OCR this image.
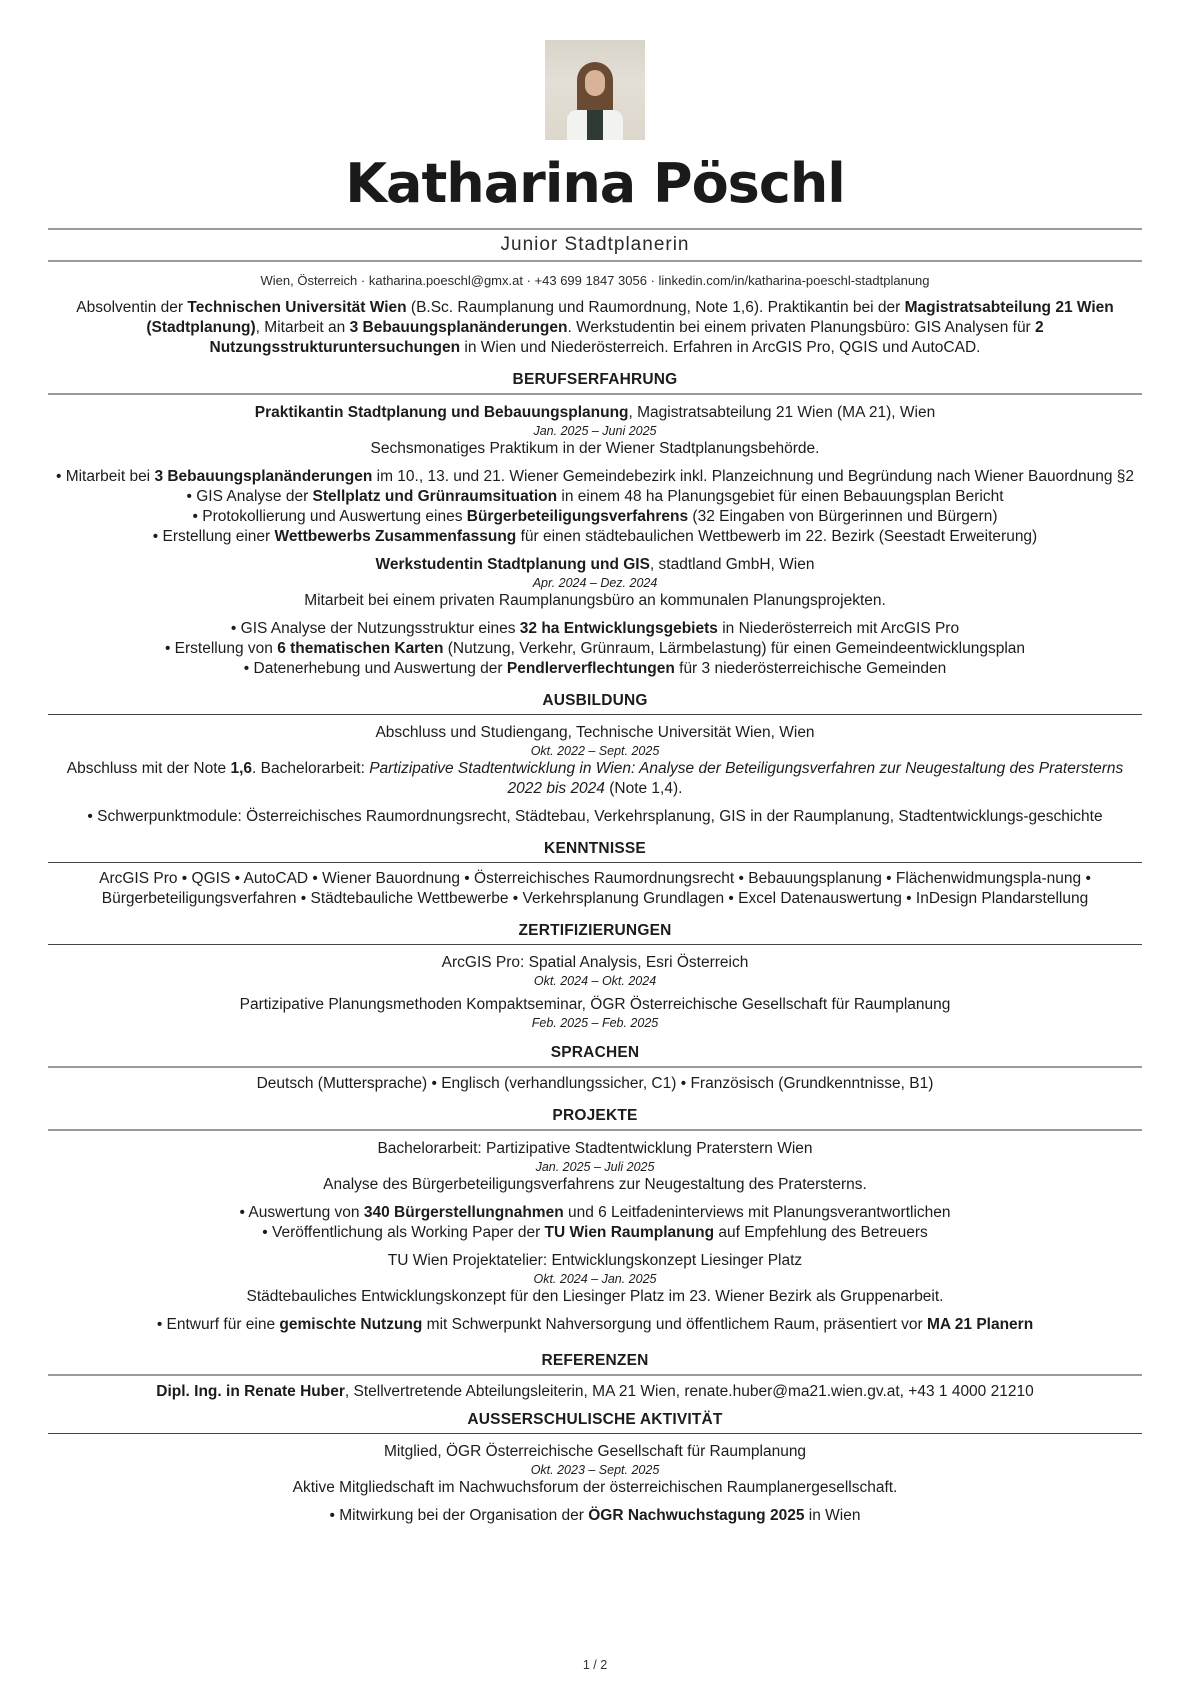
Katharina Pöschl
Junior Stadtplanerin
Wien, Österreich · katharina.poeschl@gmx.at · +43 699 1847 3056 · linkedin.com/in/katharina-poeschl-stadtplanung
Absolventin der Technischen Universität Wien (B.Sc. Raumplanung und Raumordnung, Note 1,6). Praktikantin bei der Magistratsabteilung 21 Wien (Stadtplanung), Mitarbeit an 3 Bebauungsplanänderungen. Werkstudentin bei einem privaten Planungsbüro: GIS Analysen für 2 Nutzungsstrukturuntersuchungen in Wien und Niederösterreich. Erfahren in ArcGIS Pro, QGIS und AutoCAD.
BERUFSERFAHRUNG
Praktikantin Stadtplanung und Bebauungsplanung, Magistratsabteilung 21 Wien (MA 21), Wien
Jan. 2025 – Juni 2025
Sechsmonatiges Praktikum in der Wiener Stadtplanungsbehörde.
• Mitarbeit bei 3 Bebauungsplanänderungen im 10., 13. und 21. Wiener Gemeindebezirk inkl. Planzeichnung und Begründung nach Wiener Bauordnung §2
• GIS Analyse der Stellplatz und Grünraumsituation in einem 48 ha Planungsgebiet für einen Bebauungsplan Bericht
• Protokollierung und Auswertung eines Bürgerbeteiligungsverfahrens (32 Eingaben von Bürgerinnen und Bürgern)
• Erstellung einer Wettbewerbs Zusammenfassung für einen städtebaulichen Wettbewerb im 22. Bezirk (Seestadt Erweiterung)
Werkstudentin Stadtplanung und GIS, stadtland GmbH, Wien
Apr. 2024 – Dez. 2024
Mitarbeit bei einem privaten Raumplanungsbüro an kommunalen Planungsprojekten.
• GIS Analyse der Nutzungsstruktur eines 32 ha Entwicklungsgebiets in Niederösterreich mit ArcGIS Pro
• Erstellung von 6 thematischen Karten (Nutzung, Verkehr, Grünraum, Lärmbelastung) für einen Gemeindeentwicklungsplan
• Datenerhebung und Auswertung der Pendlerverflechtungen für 3 niederösterreichische Gemeinden
AUSBILDUNG
Abschluss und Studiengang, Technische Universität Wien, Wien
Okt. 2022 – Sept. 2025
Abschluss mit der Note 1,6. Bachelorarbeit: Partizipative Stadtentwicklung in Wien: Analyse der Beteiligungsverfahren zur Neugestaltung des Pratersterns 2022 bis 2024 (Note 1,4).
• Schwerpunktmodule: Österreichisches Raumordnungsrecht, Städtebau, Verkehrsplanung, GIS in der Raumplanung, Stadtentwicklungs-geschichte
KENNTNISSE
ArcGIS Pro • QGIS • AutoCAD • Wiener Bauordnung • Österreichisches Raumordnungsrecht • Bebauungsplanung • Flächenwidmungspla-nung • Bürgerbeteiligungsverfahren • Städtebauliche Wettbewerbe • Verkehrsplanung Grundlagen • Excel Datenauswertung • InDesign Plandarstellung
ZERTIFIZIERUNGEN
ArcGIS Pro: Spatial Analysis, Esri Österreich
Okt. 2024 – Okt. 2024
Partizipative Planungsmethoden Kompaktseminar, ÖGR Österreichische Gesellschaft für Raumplanung
Feb. 2025 – Feb. 2025
SPRACHEN
Deutsch (Muttersprache) • Englisch (verhandlungssicher, C1) • Französisch (Grundkenntnisse, B1)
PROJEKTE
Bachelorarbeit: Partizipative Stadtentwicklung Praterstern Wien
Jan. 2025 – Juli 2025
Analyse des Bürgerbeteiligungsverfahrens zur Neugestaltung des Pratersterns.
• Auswertung von 340 Bürgerstellungnahmen und 6 Leitfadeninterviews mit Planungsverantwortlichen
• Veröffentlichung als Working Paper der TU Wien Raumplanung auf Empfehlung des Betreuers
TU Wien Projektatelier: Entwicklungskonzept Liesinger Platz
Okt. 2024 – Jan. 2025
Städtebauliches Entwicklungskonzept für den Liesinger Platz im 23. Wiener Bezirk als Gruppenarbeit.
• Entwurf für eine gemischte Nutzung mit Schwerpunkt Nahversorgung und öffentlichem Raum, präsentiert vor MA 21 Planern
REFERENZEN
Dipl. Ing. in Renate Huber, Stellvertretende Abteilungsleiterin, MA 21 Wien, renate.huber@ma21.wien.gv.at, +43 1 4000 21210
AUSSERSCHULISCHE AKTIVITÄT
Mitglied, ÖGR Österreichische Gesellschaft für Raumplanung
Okt. 2023 – Sept. 2025
Aktive Mitgliedschaft im Nachwuchsforum der österreichischen Raumplanergesellschaft.
• Mitwirkung bei der Organisation der ÖGR Nachwuchstagung 2025 in Wien
1 / 2
